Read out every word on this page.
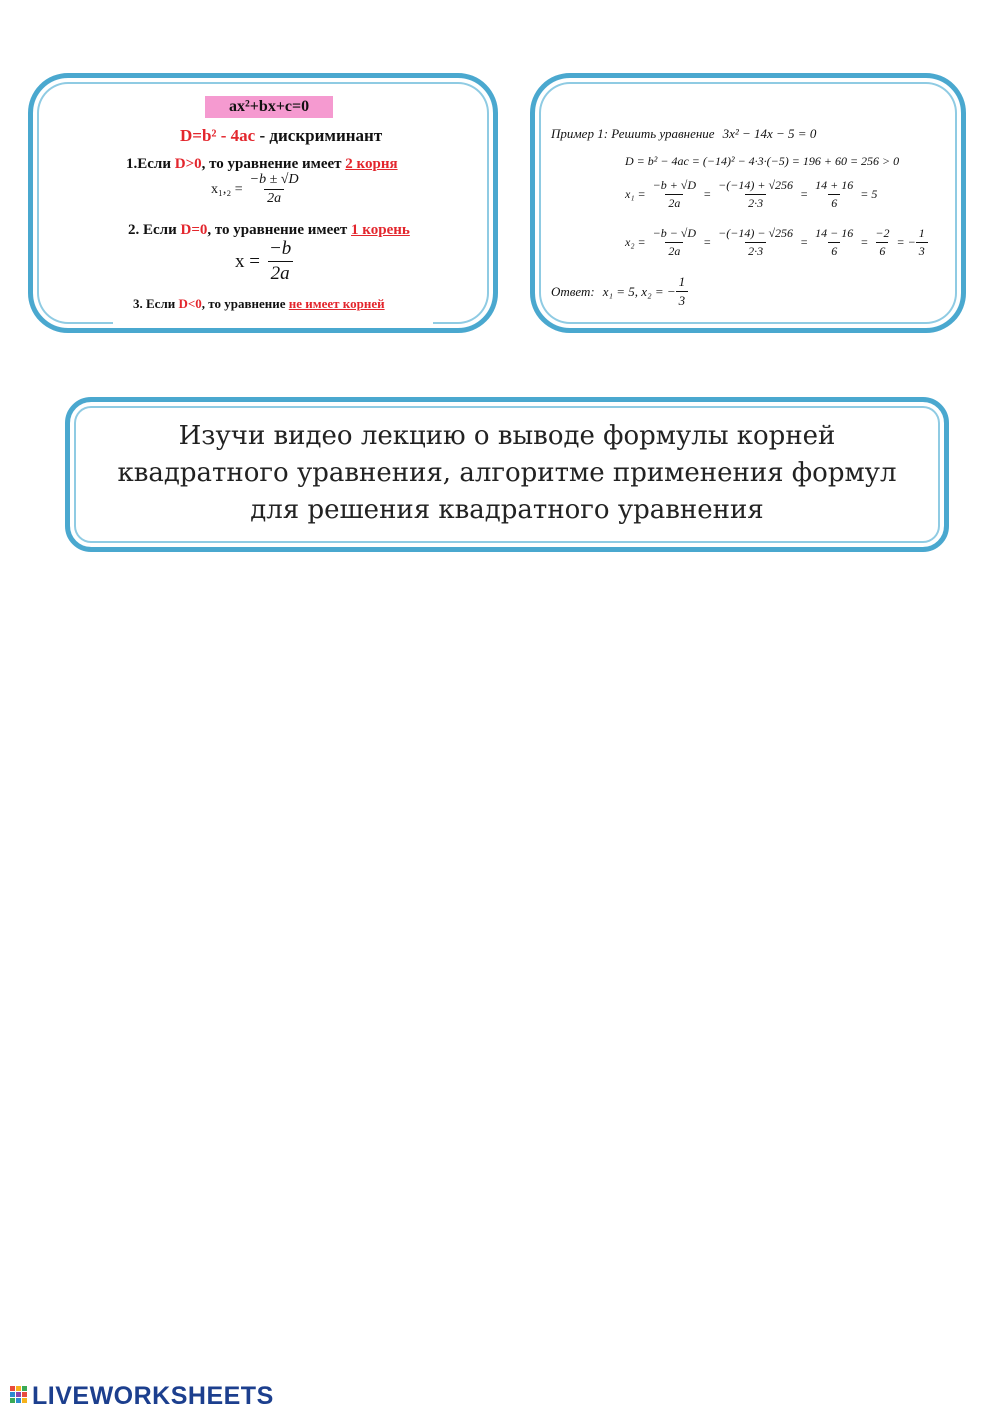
ax²+bx+c=0
D=b² - 4ac - дискриминант
1.Если D>0, то уравнение имеет 2 корня
$x_1,_2 = \frac{-b \pm √D}{2a}$
2. Если D=0, то уравнение имеет 1 корень
$x = \frac{-b}{2a}$
3. Если D<0, то уравнение не имеет корней
Пример 1: Решить уравнение 3x² − 14x − 5 = 0
D = b² − 4ac = (−14)² − 4·3·(−5) = 196 + 60 = 256 > 0
$x_1 = \frac{-b + √D}{2a} = \frac{-(-14) + √256}{2\cdot 3} = \frac{14 + 16}{6} = 5$
$x_2 = \frac{-b - √D}{2a} = \frac{-(-14) - √256}{2\cdot 3} = \frac{14 - 16}{6} = \frac{-2}{6}$ = − $\frac{1}{3}$
Ответ: x₁ = 5, x₂ = − $\frac{1}{3}$
Изучи видео лекцию о выводе формулы корней квадратного уравнения, алгоритме применения формул для решения квадратного уравнения
LIVEWORKSHEETS
